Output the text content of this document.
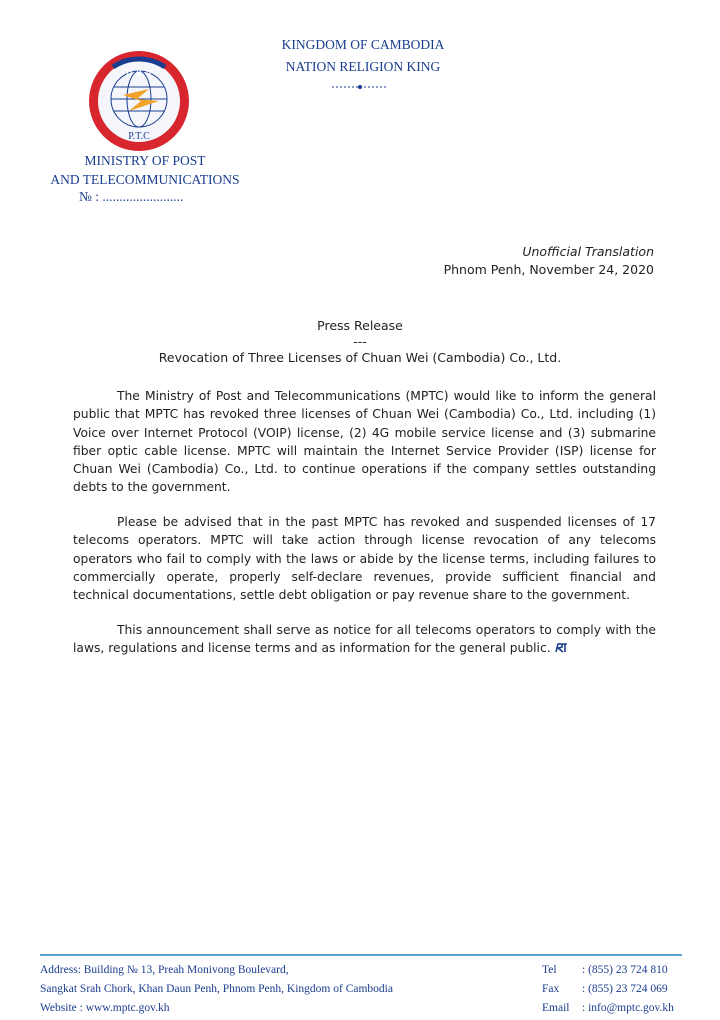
KINGDOM OF CAMBODIA
NATION RELIGION KING
ប.ទ.ទ
P.T.C
MINISTRY OF POST
AND TELECOMMUNICATIONS
№ : ........................
Unofficial Translation
Phnom Penh, November 24, 2020
Press Release
---
Revocation of Three Licenses of Chuan Wei (Cambodia) Co., Ltd.

The Ministry of Post and Telecommunications (MPTC) would like to inform the general public that MPTC has revoked three licenses of Chuan Wei (Cambodia) Co., Ltd. including (1) Voice over Internet Protocol (VOIP) license, (2) 4G mobile service license and (3) submarine fiber optic cable license. MPTC will maintain the Internet Service Provider (ISP) license for Chuan Wei (Cambodia) Co., Ltd. to continue operations if the company settles outstanding debts to the government.

Please be advised that in the past MPTC has revoked and suspended licenses of 17 telecoms operators. MPTC will take action through license revocation of any telecoms operators who fail to comply with the laws or abide by the license terms, including failures to commercially operate, properly self-declare revenues, provide sufficient financial and technical documentations, settle debt obligation or pay revenue share to the government.

This announcement shall serve as notice for all telecoms operators to comply with the laws, regulations and license terms and as information for the general public.

Address: Building № 13, Preah Monivong Boulevard,
Sangkat Srah Chork, Khan Daun Penh, Phnom Penh, Kingdom of Cambodia
Website : www.mptc.gov.kh
Tel
Fax
Email
: (855) 23 724 810
: (855) 23 724 069
: info@mptc.gov.kh
